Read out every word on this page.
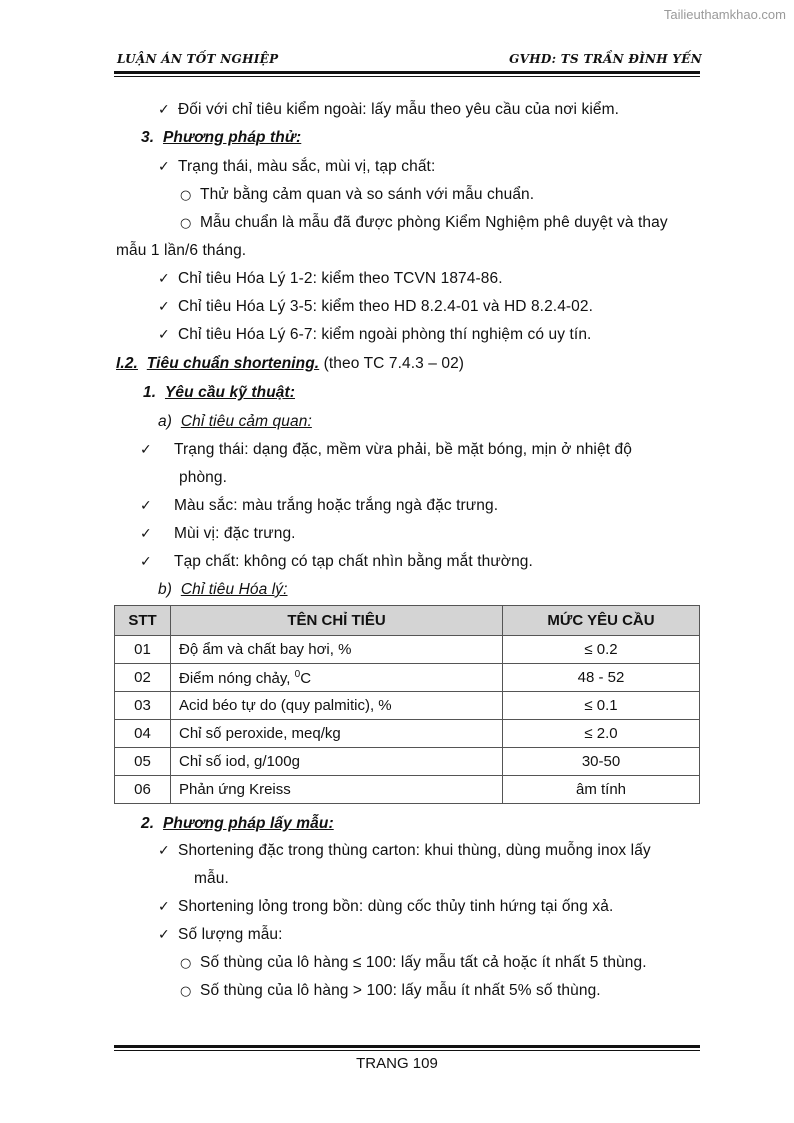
Tailieuthamkhao.com
LUẬN ÁN TỐT NGHIỆP	GVHD: TS TRẦN ĐÌNH YẾN
✓ Đối với chỉ tiêu kiểm ngoài: lấy mẫu theo yêu cầu của nơi kiểm.
3. Phương pháp thử:
✓ Trạng thái, màu sắc, mùi vị, tạp chất:
○ Thử bằng cảm quan và so sánh với mẫu chuẩn.
○ Mẫu chuẩn là mẫu đã được phòng Kiểm Nghiệm phê duyệt và thay
mẫu 1 lần/6 tháng.
✓ Chỉ tiêu Hóa Lý 1-2: kiểm theo TCVN 1874-86.
✓ Chỉ tiêu Hóa Lý 3-5: kiểm theo HD 8.2.4-01 và HD 8.2.4-02.
✓ Chỉ tiêu Hóa Lý 6-7: kiểm ngoài phòng thí nghiệm có uy tín.
I.2. Tiêu chuẩn shortening. (theo TC 7.4.3 – 02)
1. Yêu cầu kỹ thuật:
a) Chỉ tiêu cảm quan:
✓ Trạng thái: dạng đặc, mềm vừa phải, bề mặt bóng, mịn ở nhiệt độ
phòng.
✓ Màu sắc: màu trắng hoặc trắng ngà đặc trưng.
✓ Mùi vị: đặc trưng.
✓ Tạp chất: không có tạp chất nhìn bằng mắt thường.
b) Chỉ tiêu Hóa lý:
STT	TÊN CHỈ TIÊU	MỨC YÊU CẦU
01	Độ ẩm và chất bay hơi, %	≤ 0.2
02	Điểm nóng chảy, $^0$C	48 - 52
03	Acid béo tự do (quy palmitic), %	≤ 0.1
04	Chỉ số peroxide, meq/kg	≤ 2.0
05	Chỉ số iod, g/100g	30-50
06	Phản ứng Kreiss	âm tính
2. Phương pháp lấy mẫu:
✓ Shortening đặc trong thùng carton: khui thùng, dùng muỗng inox lấy
mẫu.
✓ Shortening lỏng trong bồn: dùng cốc thủy tinh hứng tại ống xả.
✓ Số lượng mẫu:
○ Số thùng của lô hàng ≤ 100: lấy mẫu tất cả hoặc ít nhất 5 thùng.
○ Số thùng của lô hàng > 100: lấy mẫu ít nhất 5% số thùng.
TRANG 109
